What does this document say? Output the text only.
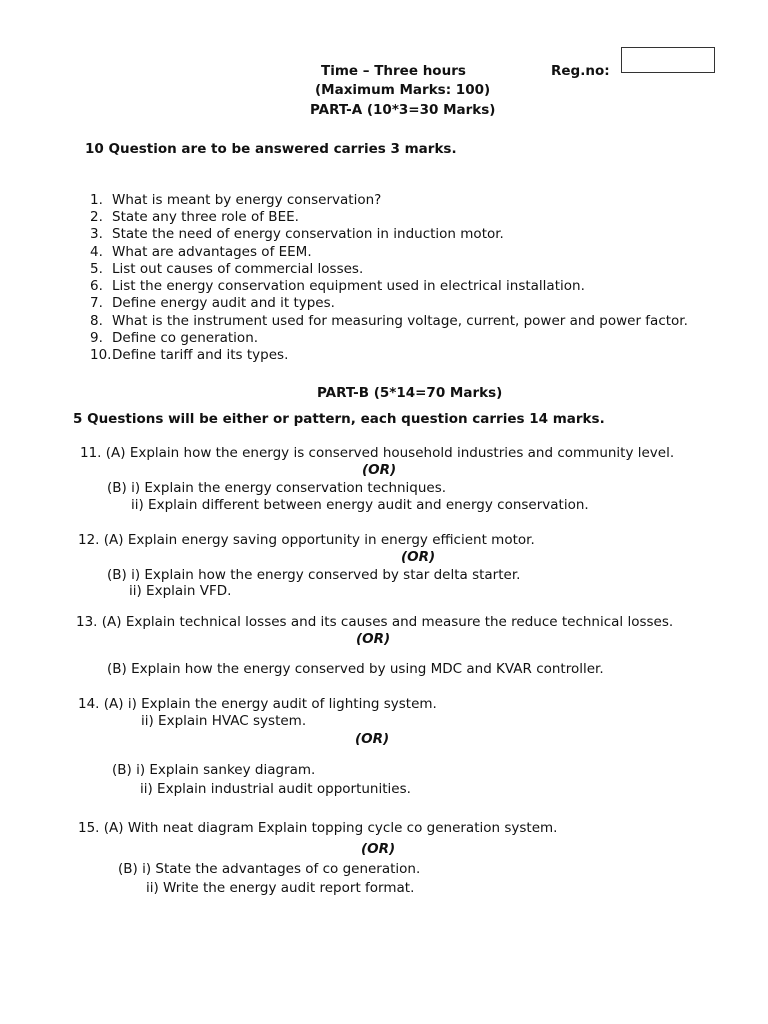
Time – Three hours	Reg.no:
(Maximum Marks: 100)
PART-A (10*3=30 Marks)
10 Question are to be answered carries 3 marks.
1. What is meant by energy conservation?
2. State any three role of BEE.
3. State the need of energy conservation in induction motor.
4. What are advantages of EEM.
5. List out causes of commercial losses.
6. List the energy conservation equipment used in electrical installation.
7. Define energy audit and it types.
8. What is the instrument used for measuring voltage, current, power and power factor.
9. Define co generation.
10.Define tariff and its types.
PART-B (5*14=70 Marks)
5 Questions will be either or pattern, each question carries 14 marks.
11. (A) Explain how the energy is conserved household industries and community level.
(OR)
(B) i) Explain the energy conservation techniques.
ii) Explain different between energy audit and energy conservation.
12. (A) Explain energy saving opportunity in energy efficient motor.
(OR)
(B) i) Explain how the energy conserved by star delta starter.
ii) Explain VFD.
13. (A) Explain technical losses and its causes and measure the reduce technical losses.
(OR)
(B) Explain how the energy conserved by using MDC and KVAR controller.
14. (A) i) Explain the energy audit of lighting system.
ii) Explain HVAC system.
(OR)
(B) i) Explain sankey diagram.
ii) Explain industrial audit opportunities.
15. (A) With neat diagram Explain topping cycle co generation system.
(OR)
(B) i) State the advantages of co generation.
ii) Write the energy audit report format.
